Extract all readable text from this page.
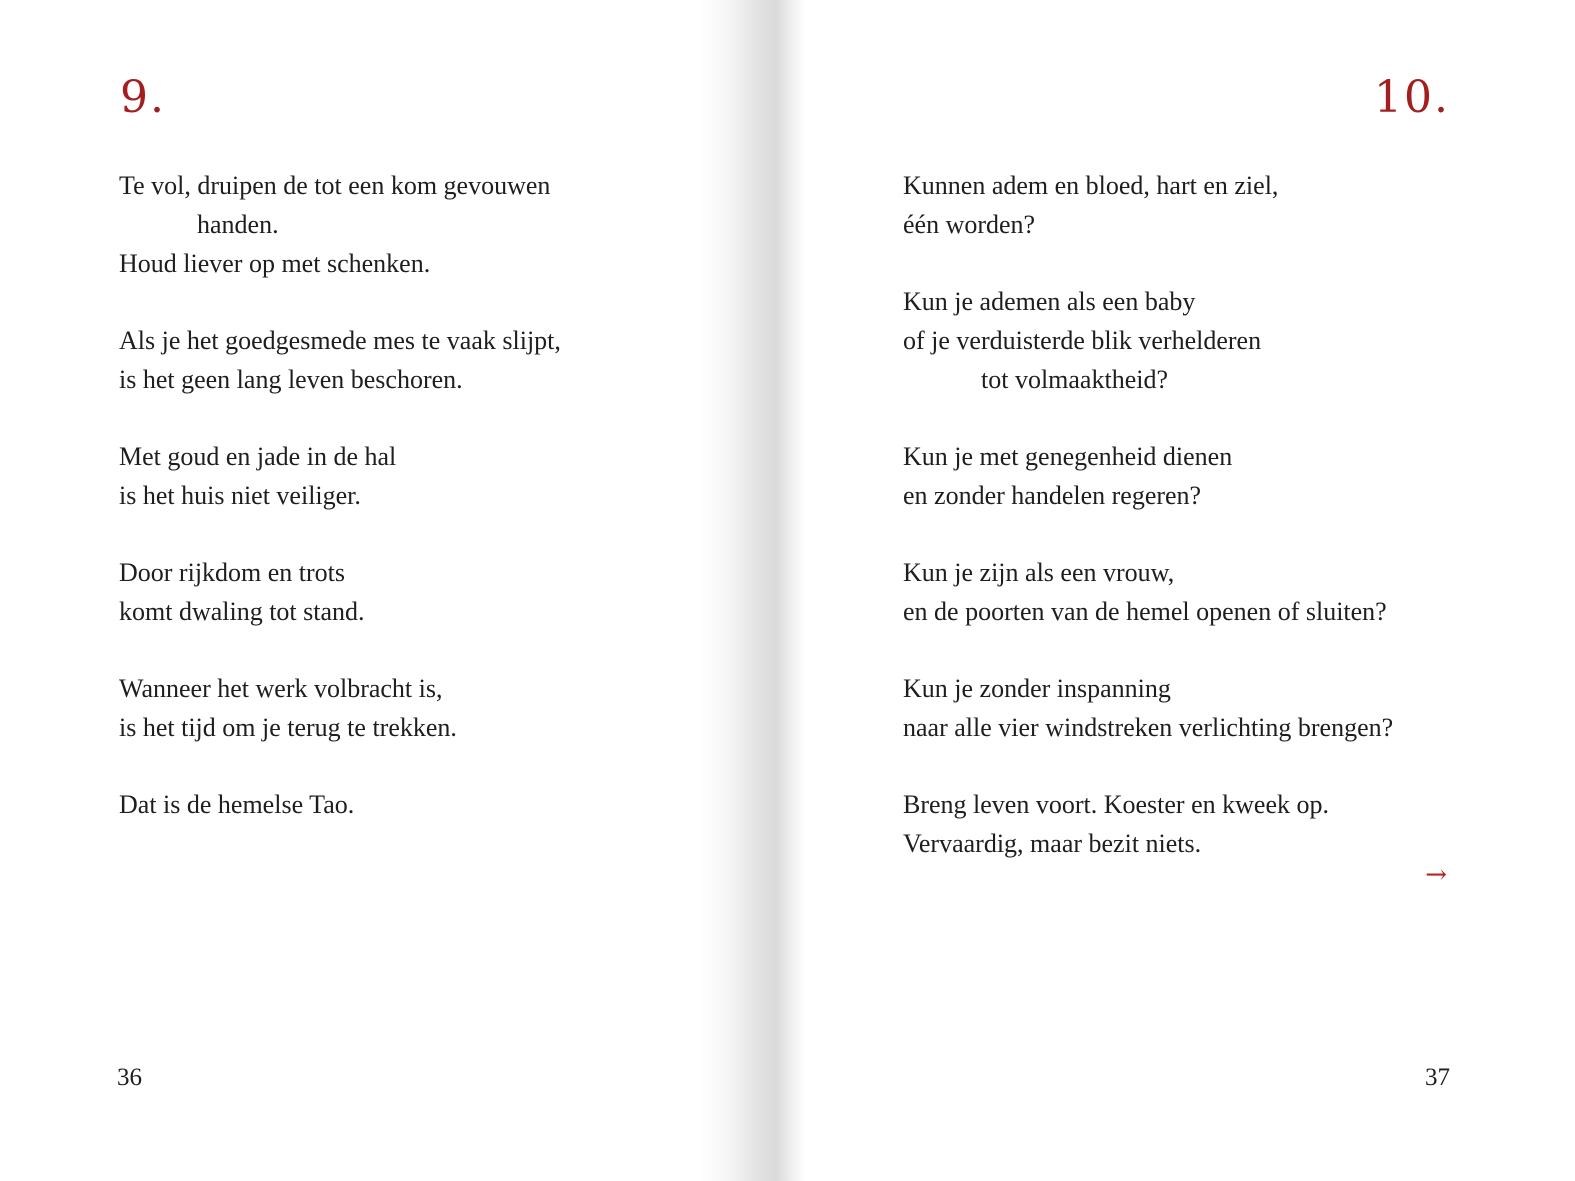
9.
Te vol, druipen de tot een kom gevouwen
handen.
Houd liever op met schenken.
Als je het goedgesmede mes te vaak slijpt,
is het geen lang leven beschoren.
Met goud en jade in de hal
is het huis niet veiliger.
Door rijkdom en trots
komt dwaling tot stand.
Wanneer het werk volbracht is,
is het tijd om je terug te trekken.
Dat is de hemelse Tao.
36
10.
Kunnen adem en bloed, hart en ziel,
één worden?
Kun je ademen als een baby
of je verduisterde blik verhelderen
tot volmaaktheid?
Kun je met genegenheid dienen
en zonder handelen regeren?
Kun je zijn als een vrouw,
en de poorten van de hemel openen of sluiten?
Kun je zonder inspanning
naar alle vier windstreken verlichting brengen?
Breng leven voort. Koester en kweek op.
Vervaardig, maar bezit niets.
→
37
